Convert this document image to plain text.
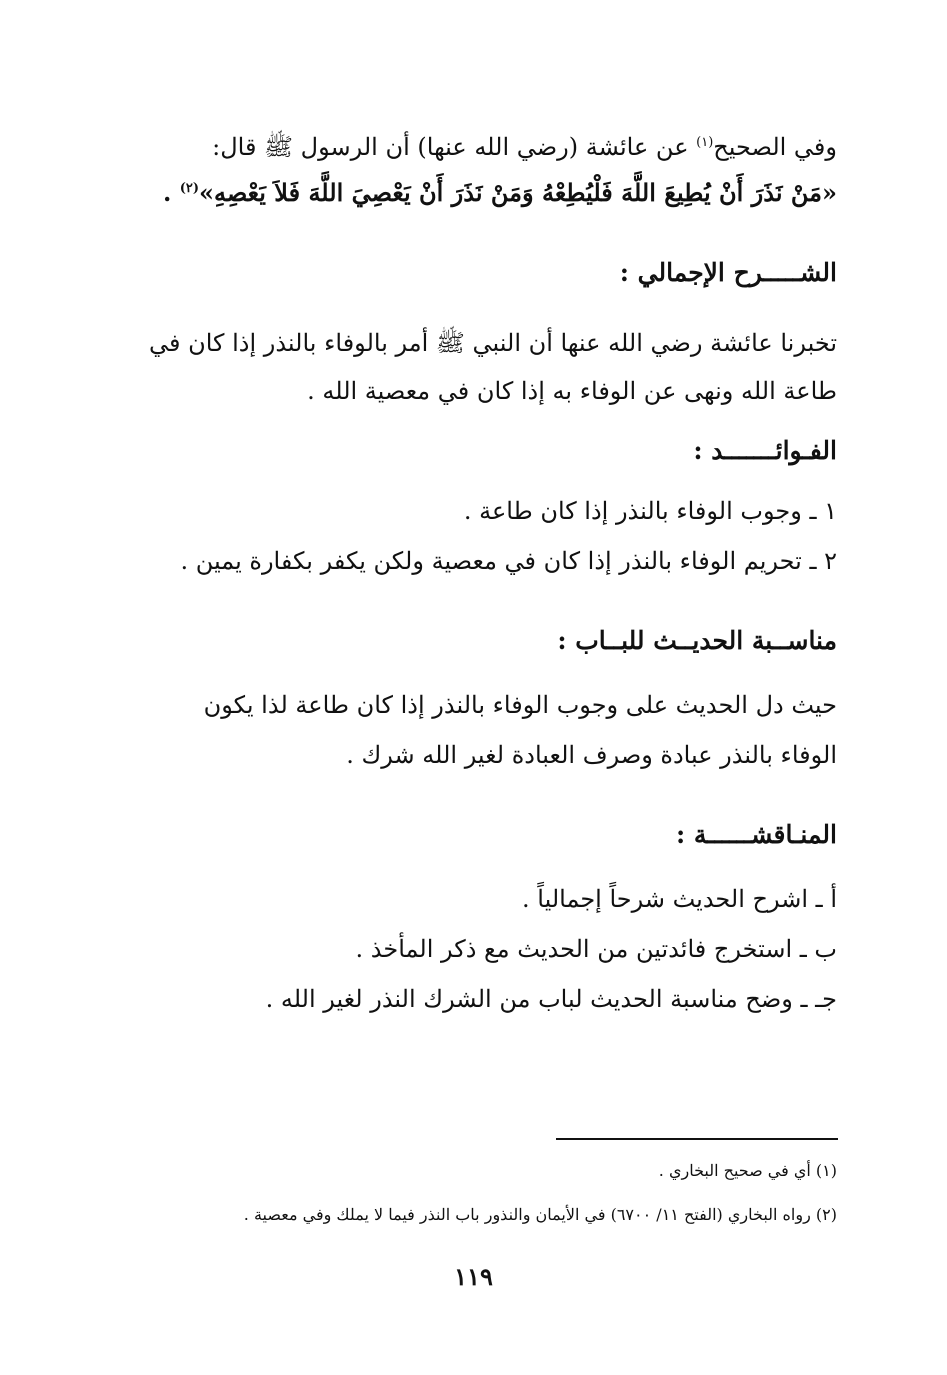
وفي الصحيح$^{(١)}$ عن عائشة (رضي الله عنها) أن الرسول ﷺ قال:
«مَنْ نَذَرَ أَنْ يُطِيعَ اللَّهَ فَلْيُطِعْهُ وَمَنْ نَذَرَ أَنْ يَعْصِيَ اللَّهَ فَلاَ يَعْصِهِ»$^{(٢)}$ .
الشـــــرح الإجمالي :
تخبرنا عائشة رضي الله عنها أن النبي ﷺ أمر بالوفاء بالنذر إذا كان في
طاعة الله ونهى عن الوفاء به إذا كان في معصية الله .
الفـوائـــــــد :
١ ـ وجوب الوفاء بالنذر إذا كان طاعة .
٢ ـ تحريم الوفاء بالنذر إذا كان في معصية ولكن يكفر بكفارة يمين .
مناســبة الحديــث للبــاب :
حيث دل الحديث على وجوب الوفاء بالنذر إذا كان طاعة لذا يكون
الوفاء بالنذر عبادة وصرف العبادة لغير الله شرك .
المنـاقشــــــة :
أ ـ اشرح الحديث شرحاً إجمالياً .
ب ـ استخرج فائدتين من الحديث مع ذكر المأخذ .
جـ ـ وضح مناسبة الحديث لباب من الشرك النذر لغير الله .
(١) أي في صحيح البخاري .
(٢) رواه البخاري (الفتح ١١/ ٦٧٠٠) في الأيمان والنذور باب النذر فيما لا يملك وفي معصية .
١١٩
